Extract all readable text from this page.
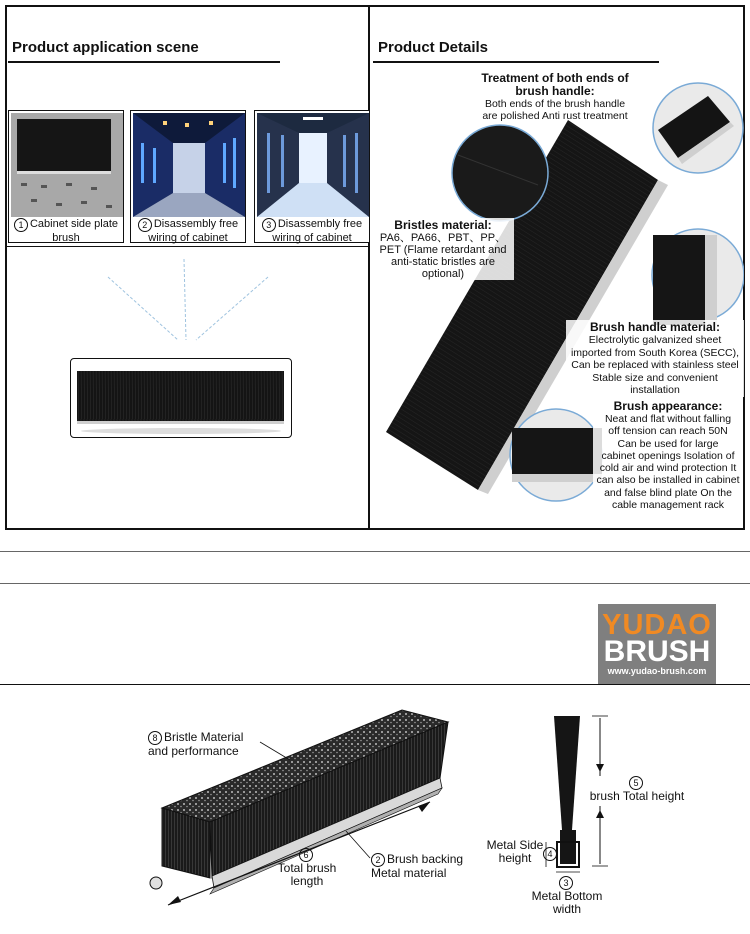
Product application scene
1 Cabinet side plate
brush
2 Disassembly free
wiring of cabinet
3 Disassembly free
wiring of cabinet
Product Details
Treatment of both ends of
brush handle:
Both ends of the brush handle
are polished Anti rust treatment
Bristles material:
PA6、PA66、PBT、PP、
PET (Flame retardant and
anti-static bristles are
optional)
Brush handle material:
Electrolytic galvanized sheet
imported from South Korea (SECC),
Can be replaced with stainless steel
Stable size and convenient installation
Brush appearance:
Neat and flat without falling
off tension can reach 50N
Can be used for large
cabinet openings Isolation of
cold air and wind protection It
can also be installed in cabinet
and false blind plate On the
cable management rack
YUDAO
BRUSH
www.yudao-brush.com
8 Bristle Material
and performance
6
Total brush
length
2 Brush backing
Metal material
5
brush Total height
Metal Side
height	4
3
Metal Bottom
width
